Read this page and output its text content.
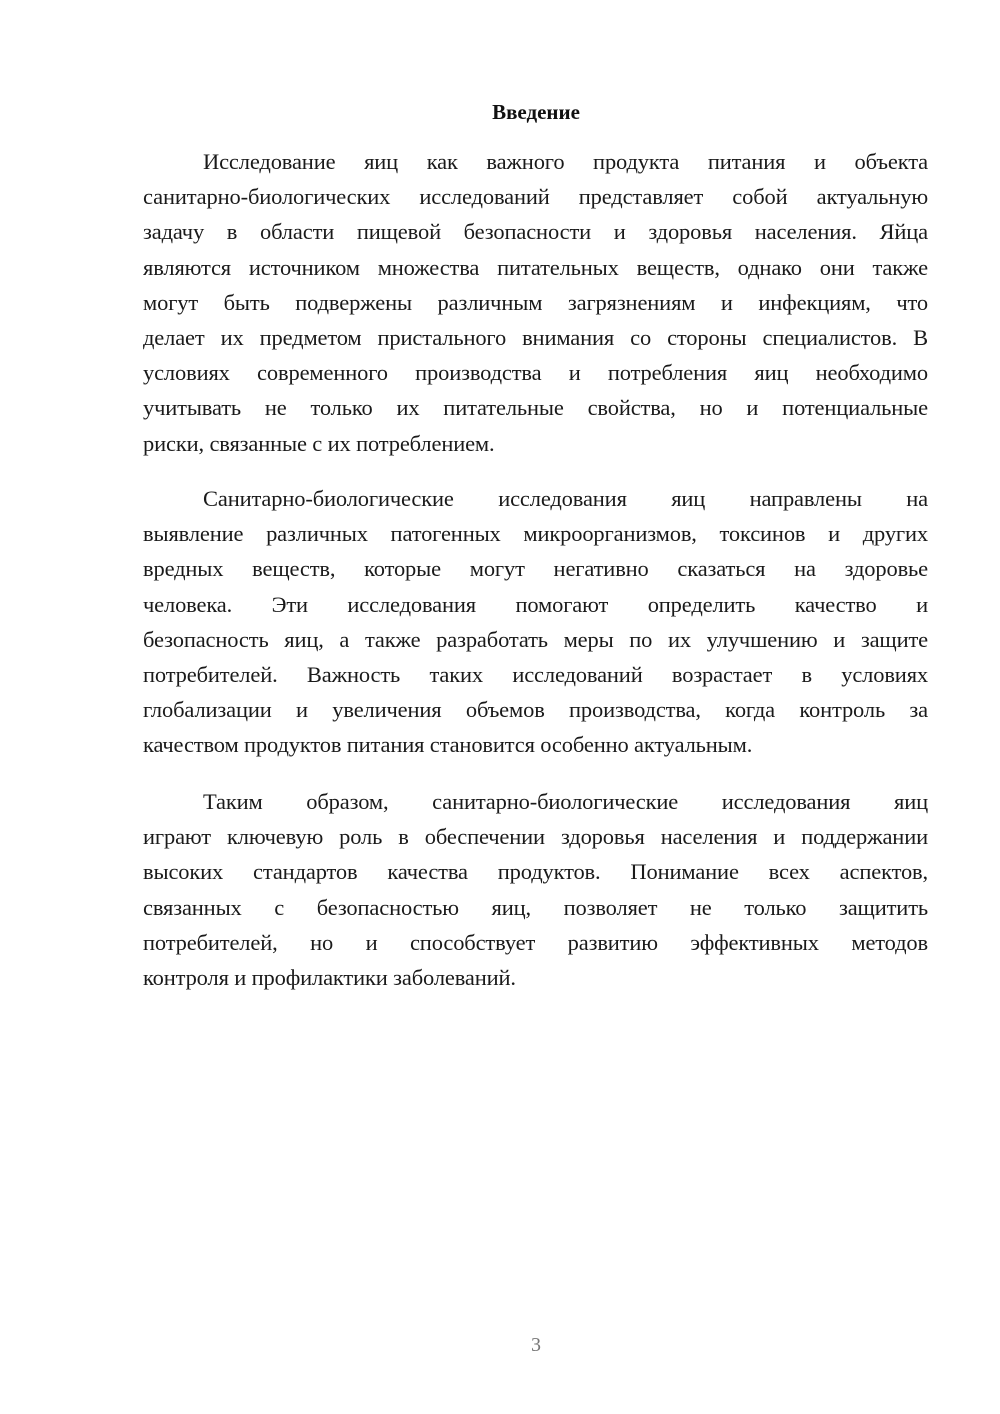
Введение
Исследование яиц как важного продукта питания и объекта
санитарно-биологических исследований представляет собой актуальную
задачу в области пищевой безопасности и здоровья населения. Яйца
являются источником множества питательных веществ, однако они также
могут быть подвержены различным загрязнениям и инфекциям, что
делает их предметом пристального внимания со стороны специалистов. В
условиях современного производства и потребления яиц необходимо
учитывать не только их питательные свойства, но и потенциальные
риски, связанные с их потреблением.
Санитарно-биологические исследования яиц направлены на
выявление различных патогенных микроорганизмов, токсинов и других
вредных веществ, которые могут негативно сказаться на здоровье
человека. Эти исследования помогают определить качество и
безопасность яиц, а также разработать меры по их улучшению и защите
потребителей. Важность таких исследований возрастает в условиях
глобализации и увеличения объемов производства, когда контроль за
качеством продуктов питания становится особенно актуальным.
Таким образом, санитарно-биологические исследования яиц
играют ключевую роль в обеспечении здоровья населения и поддержании
высоких стандартов качества продуктов. Понимание всех аспектов,
связанных с безопасностью яиц, позволяет не только защитить
потребителей, но и способствует развитию эффективных методов
контроля и профилактики заболеваний.
3
